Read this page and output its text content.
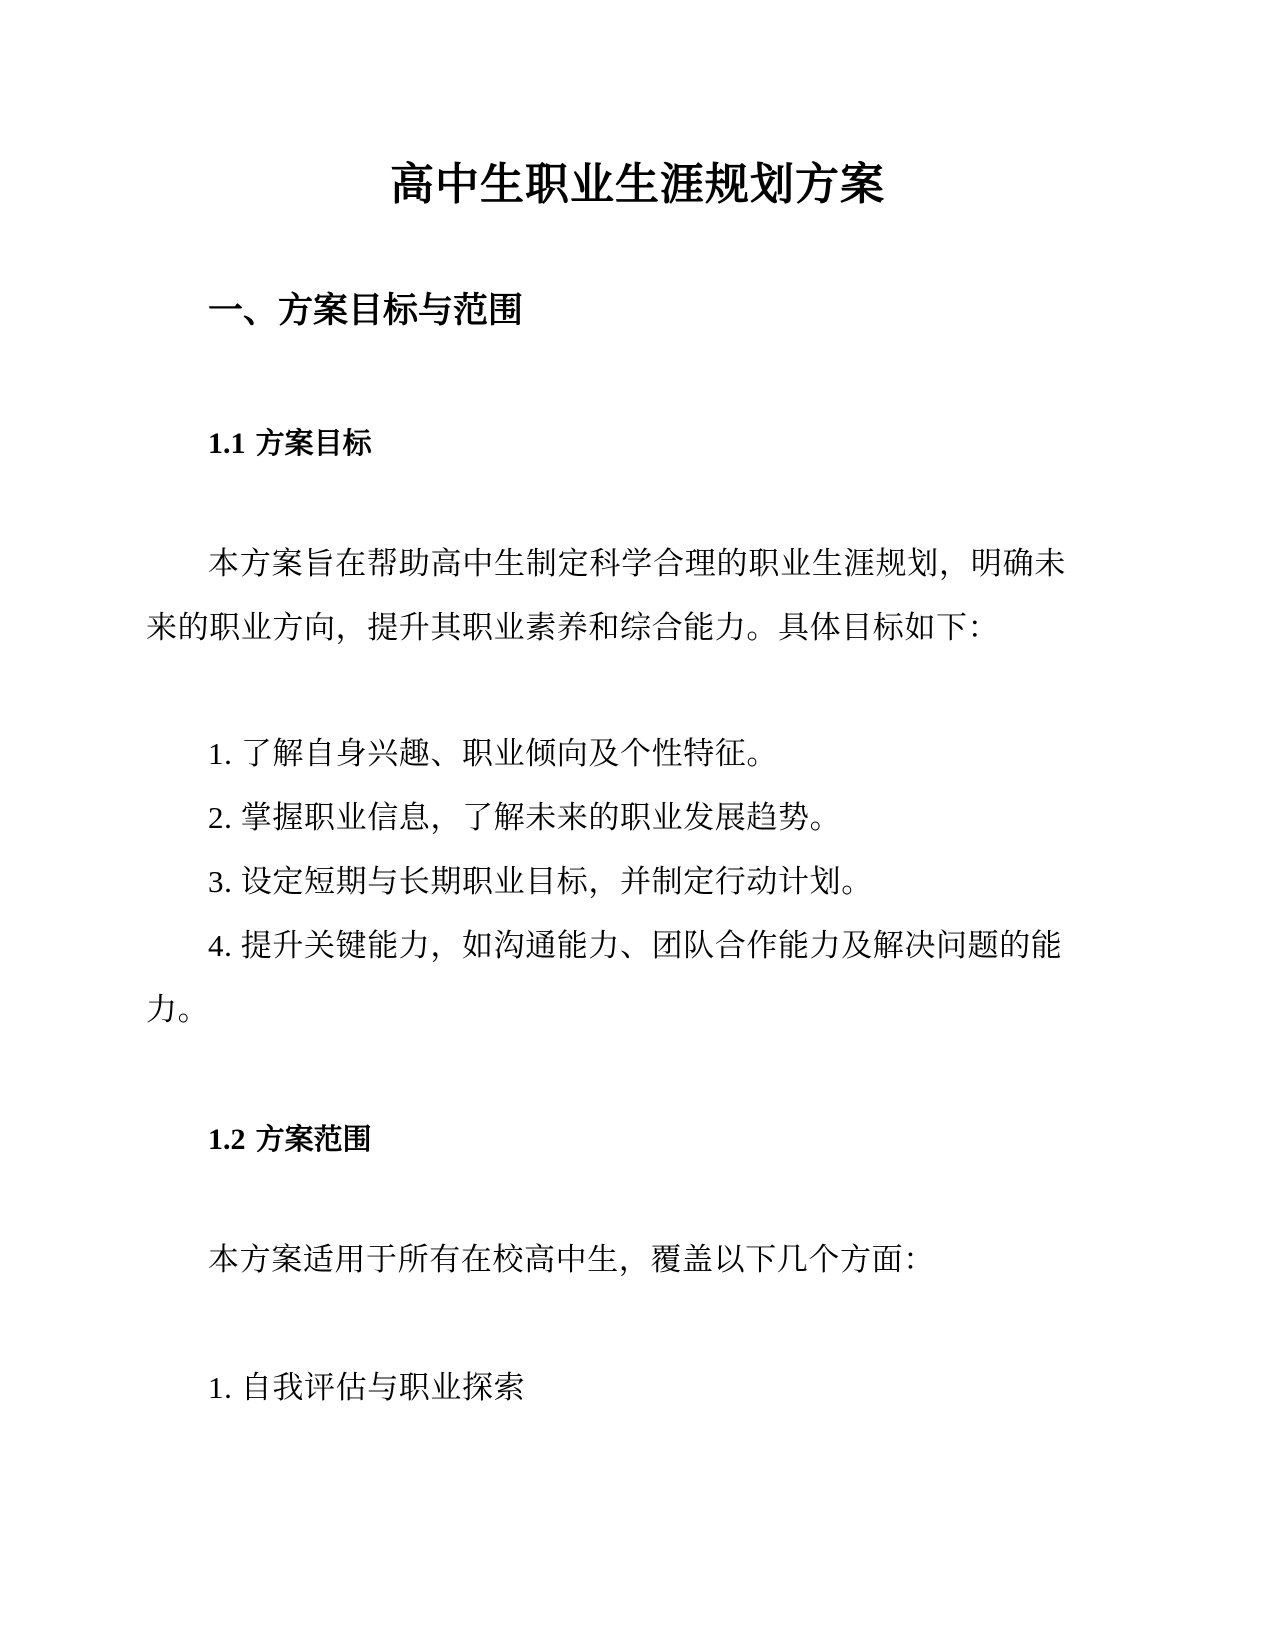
高中生职业生涯规划方案
一、方案目标与范围
1.1 方案目标

本方案旨在帮助高中生制定科学合理的职业生涯规划，明确未来的职业方向，提升其职业素养和综合能力。具体目标如下：

1. 了解自身兴趣、职业倾向及个性特征。

2. 掌握职业信息，了解未来的职业发展趋势。

3. 设定短期与长期职业目标，并制定行动计划。

4. 提升关键能力，如沟通能力、团队合作能力及解决问题的能力。

1.2 方案范围

本方案适用于所有在校高中生，覆盖以下几个方面：

1. 自我评估与职业探索
